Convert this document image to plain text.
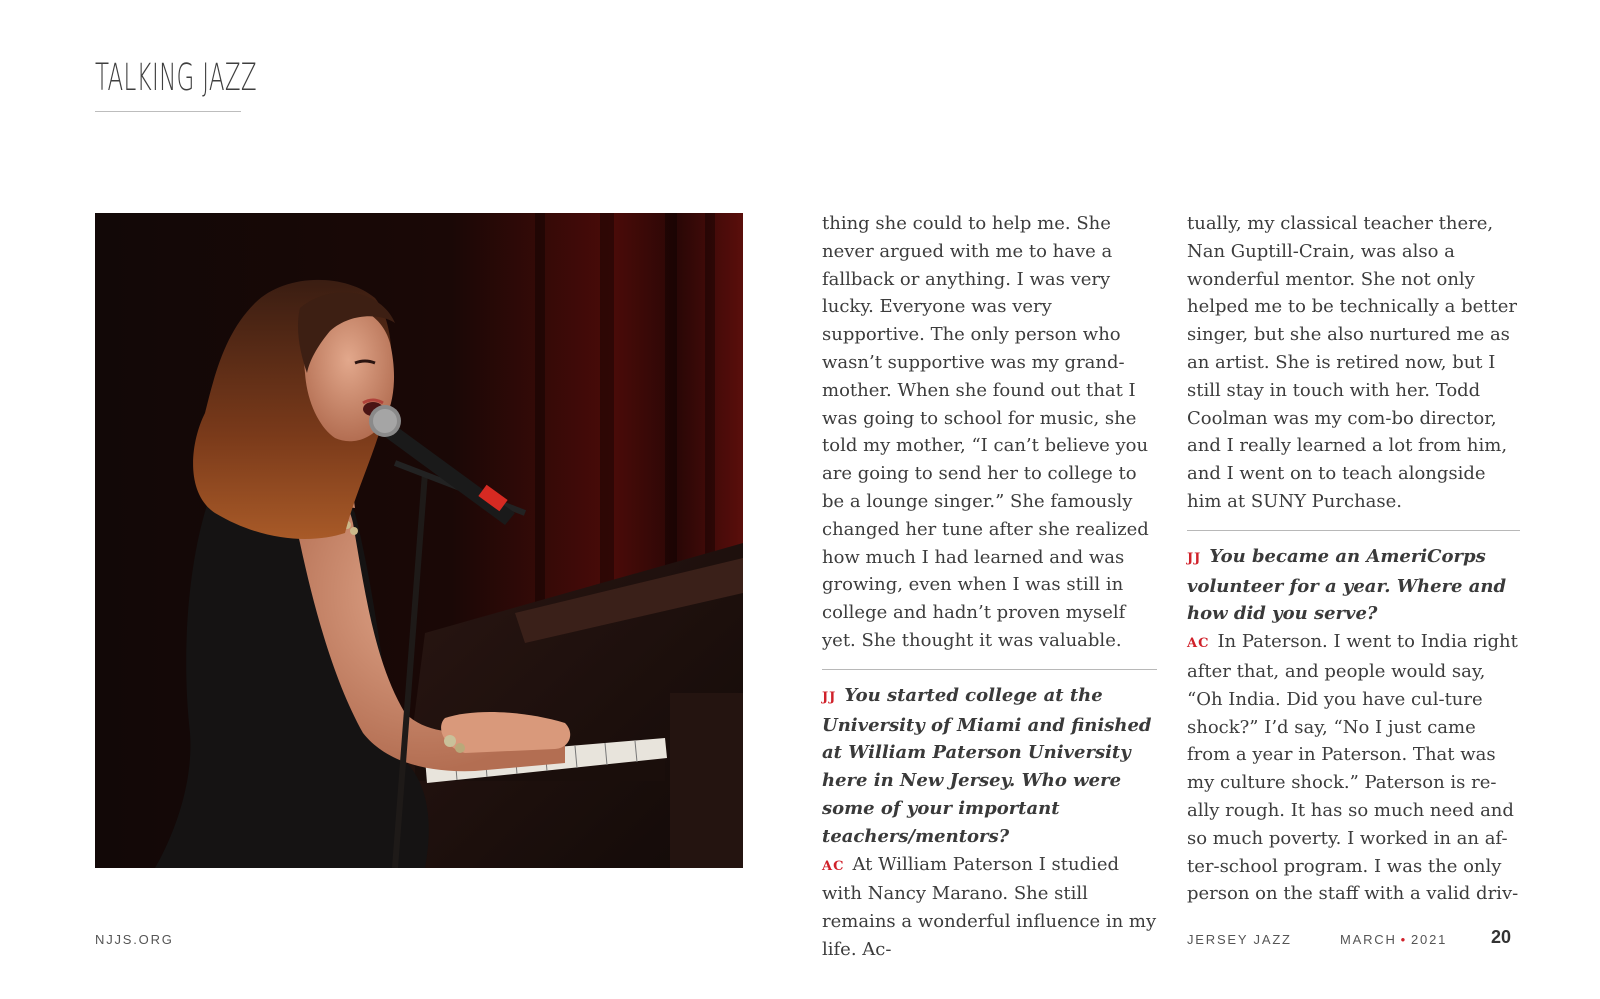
TALKING JAZZ

thing she could to help me. She never argued with me to have a fallback or anything. I was very lucky. Everyone was very supportive. The only person who wasn’t supportive was my grand-mother. When she found out that I was going to school for music, she told my mother, “I can’t believe you are going to send her to college to be a lounge singer.” She famously changed her tune after she realized how much I had learned and was growing, even when I was still in college and hadn’t proven myself yet. She thought it was valuable.

JJ You started college at the University of Miami and finished at William Paterson University here in New Jersey. Who were some of your important teachers/mentors?

AC At William Paterson I studied with Nancy Marano. She still remains a wonderful influence in my life. Ac-

tually, my classical teacher there, Nan Guptill-Crain, was also a wonderful mentor. She not only helped me to be technically a better singer, but she also nurtured me as an artist. She is retired now, but I still stay in touch with her. Todd Coolman was my com-bo director, and I really learned a lot from him, and I went on to teach alongside him at SUNY Purchase.

JJ You became an AmeriCorps volunteer for a year. Where and how did you serve?

AC In Paterson. I went to India right after that, and people would say, “Oh India. Did you have cul-ture shock?” I’d say, “No I just came from a year in Paterson. That was my culture shock.” Paterson is re-ally rough. It has so much need and so much poverty. I worked in an af-ter-school program. I was the only person on the staff with a valid driv-

NJJS.ORG	JERSEY JAZZ	MARCH • 2021 20
